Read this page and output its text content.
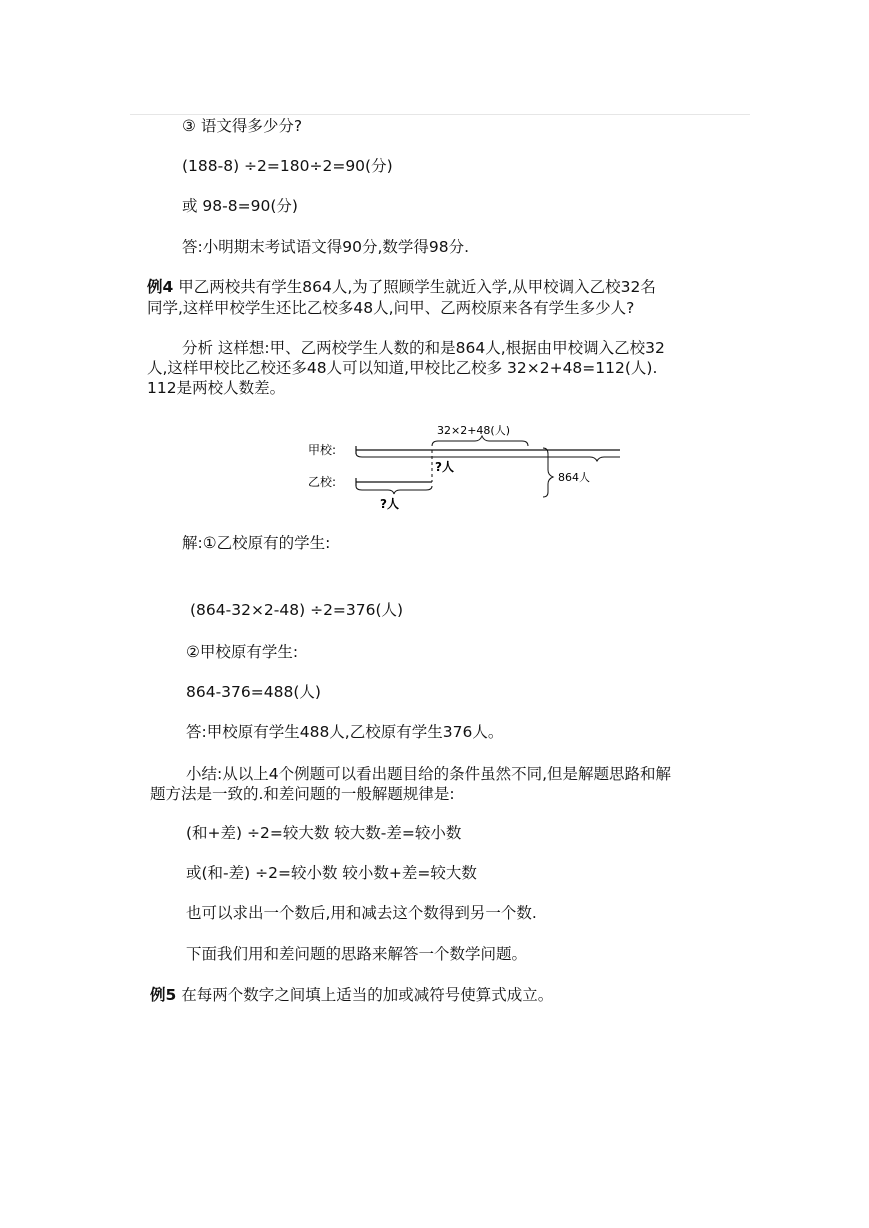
③ 语文得多少分?
(188-8) ÷2=180÷2=90(分)
或 98-8=90(分)
答:小明期末考试语文得90分,数学得98分.
例4 甲乙两校共有学生864人,为了照顾学生就近入学,从甲校调入乙校32名
同学,这样甲校学生还比乙校多48人,问甲、乙两校原来各有学生多少人?
分析 这样想:甲、乙两校学生人数的和是864人,根据由甲校调入乙校32
人,这样甲校比乙校还多48人可以知道,甲校比乙校多 32×2+48=112(人).
112是两校人数差。
甲校:
32×2+48(人)
?人
乙校:
?人
864人
解:①乙校原有的学生:
(864-32×2-48) ÷2=376(人)
②甲校原有学生:
864-376=488(人)
答:甲校原有学生488人,乙校原有学生376人。
小结:从以上4个例题可以看出题目给的条件虽然不同,但是解题思路和解
题方法是一致的.和差问题的一般解题规律是:
(和+差) ÷2=较大数 较大数-差=较小数
或(和-差) ÷2=较小数 较小数+差=较大数
也可以求出一个数后,用和减去这个数得到另一个数.
下面我们用和差问题的思路来解答一个数学问题。
例5 在每两个数字之间填上适当的加或减符号使算式成立。
